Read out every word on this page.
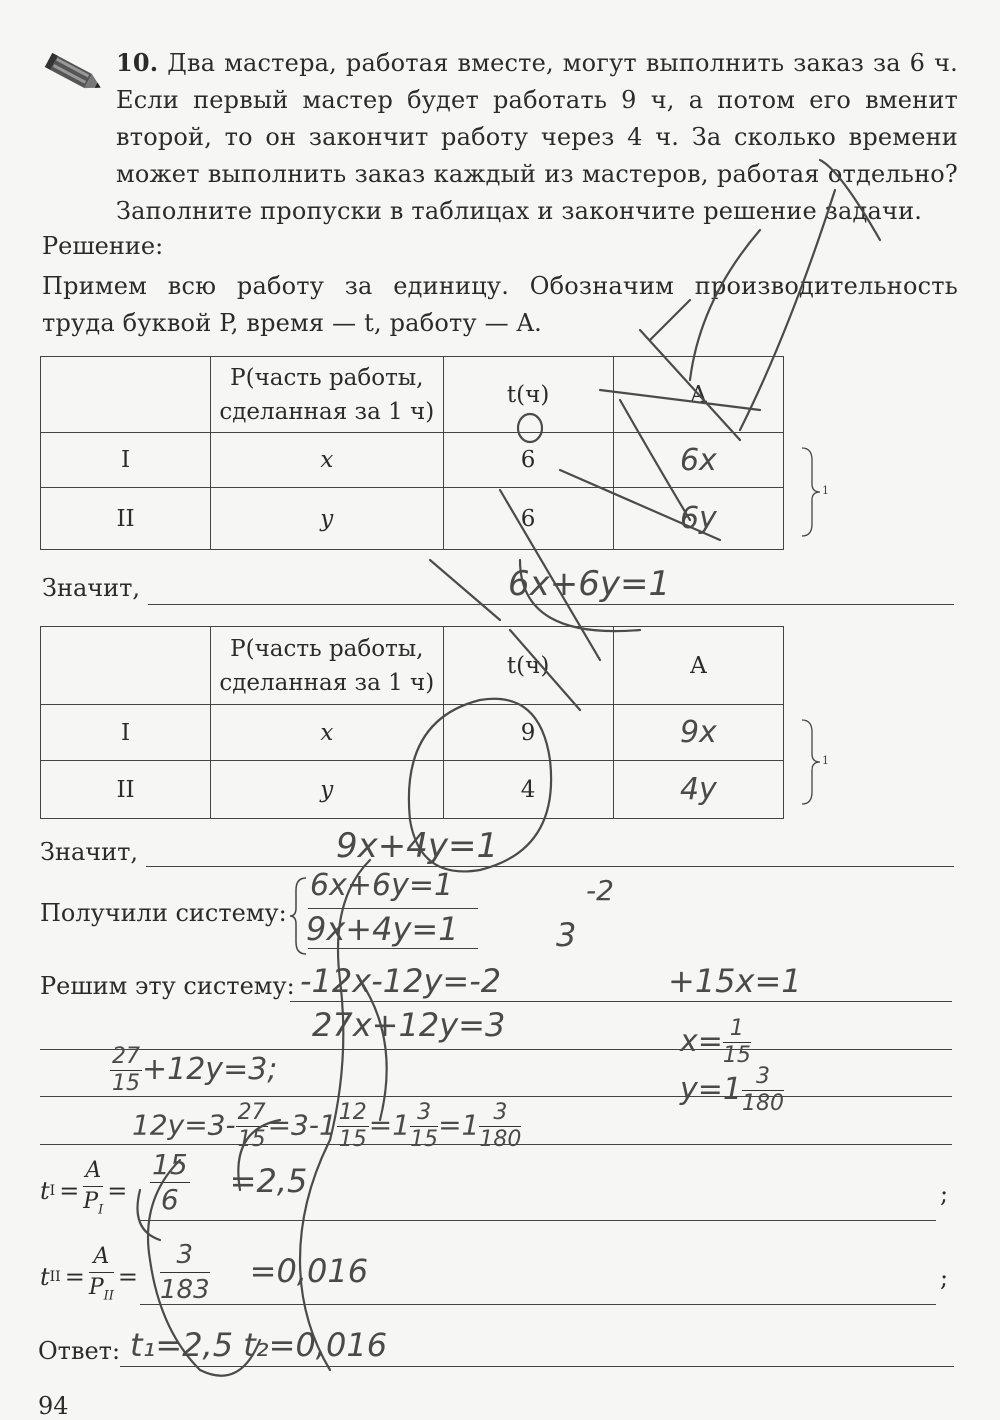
10. Два мастера, работая вместе, могут выполнить заказ за 6 ч. Если первый мастер будет работать 9 ч, а потом его вменит второй, то он закончит работу через 4 ч. За сколько времени может выполнить заказ каждый из мастеров, работая отдельно? Заполните пропуски в таблицах и закончите решение задачи.
Решение:
Примем всю работу за единицу. Обозначим производительность труда буквой P, время — t, работу — A.
	P(часть работы, сделанная за 1 ч)	t(ч)	A
I	x	6	6x
II	y	6	6y
1
Значит,	6x+6y=1
	P(часть работы, сделанная за 1 ч)	t(ч)	A
I	x	9	9x
II	y	4	4y
1
Значит,	9x+4y=1
Получили систему:
6x+6y=1
9x+4y=1
-2
3
Решим эту систему: -12x-12y=-2
27x+12y=3
+15x=1
$x= \frac{1}{15}$
$y=1 \frac{3}{180}$
$\frac{27}{15} +12y=3$;
$12y=3- \frac{27}{15} =3-1 \frac{12}{15} =1 \frac{3}{15} =1 \frac{3}{180}$
t $I = \frac{A}{P_I}$ =	;
$\frac{15}{6} =2,5$
t II = $\frac{A}{P_{II}}$ =	;
$\frac{3}{183} =0,016$
Ответ: t₁=2,5 t₂=0,016
94
